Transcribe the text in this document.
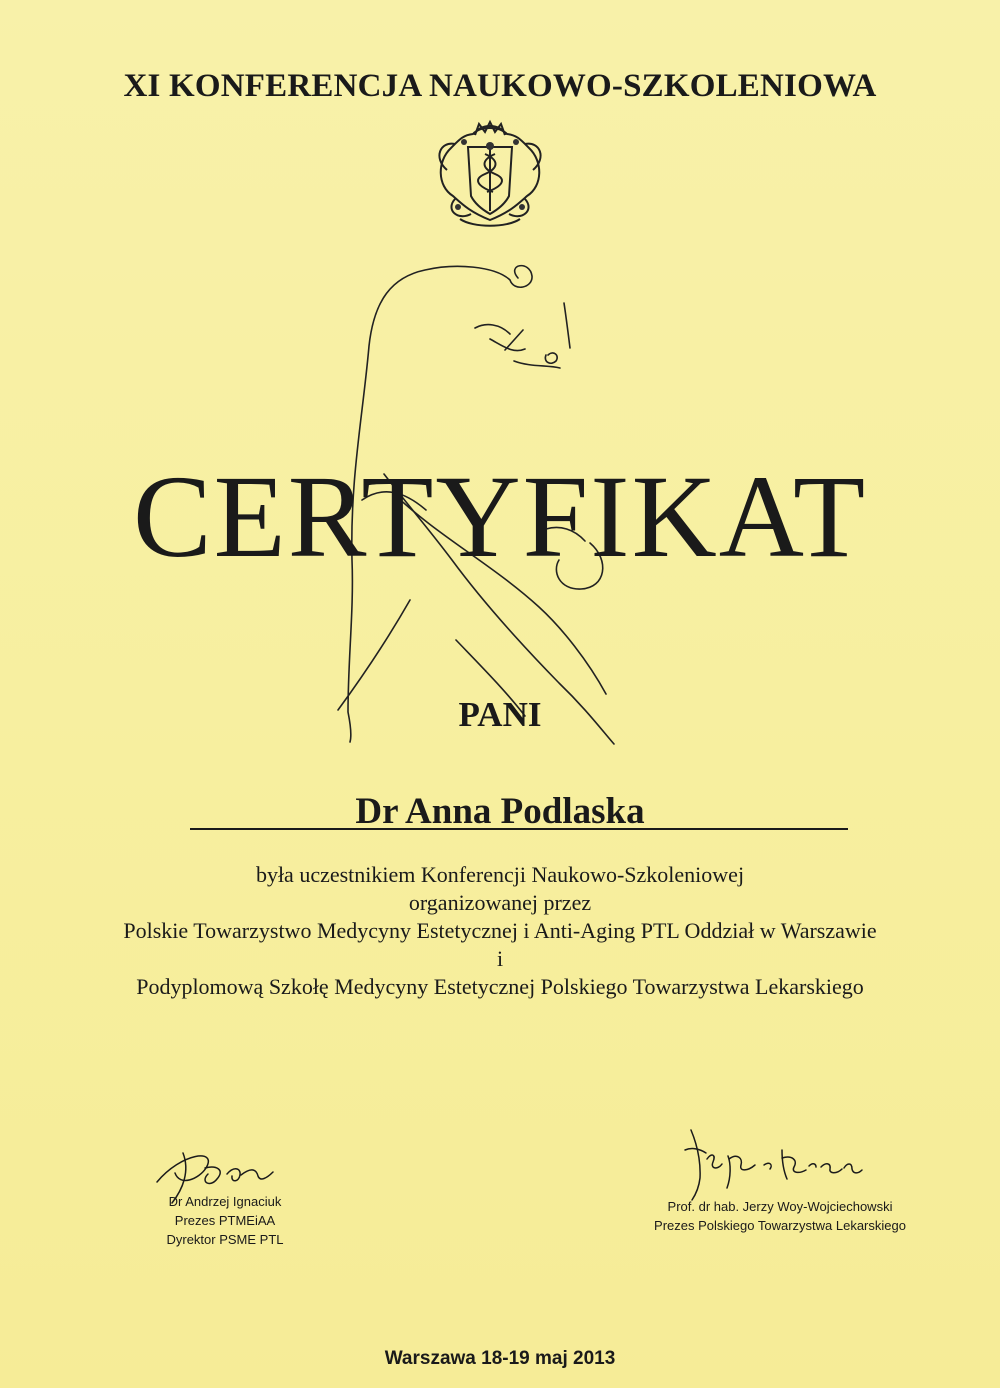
XI KONFERENCJA NAUKOWO-SZKOLENIOWA
CERTYFIKAT
PANI
Dr Anna Podlaska
była uczestnikiem Konferencji Naukowo-Szkoleniowej
organizowanej przez
Polskie Towarzystwo Medycyny Estetycznej i Anti-Aging PTL Oddział w Warszawie
i
Podyplomową Szkołę Medycyny Estetycznej Polskiego Towarzystwa Lekarskiego
Dr Andrzej Ignaciuk
Prezes PTMEiAA
Dyrektor PSME PTL
Prof. dr hab. Jerzy Woy-Wojciechowski
Prezes Polskiego Towarzystwa Lekarskiego
Warszawa 18-19 maj 2013
